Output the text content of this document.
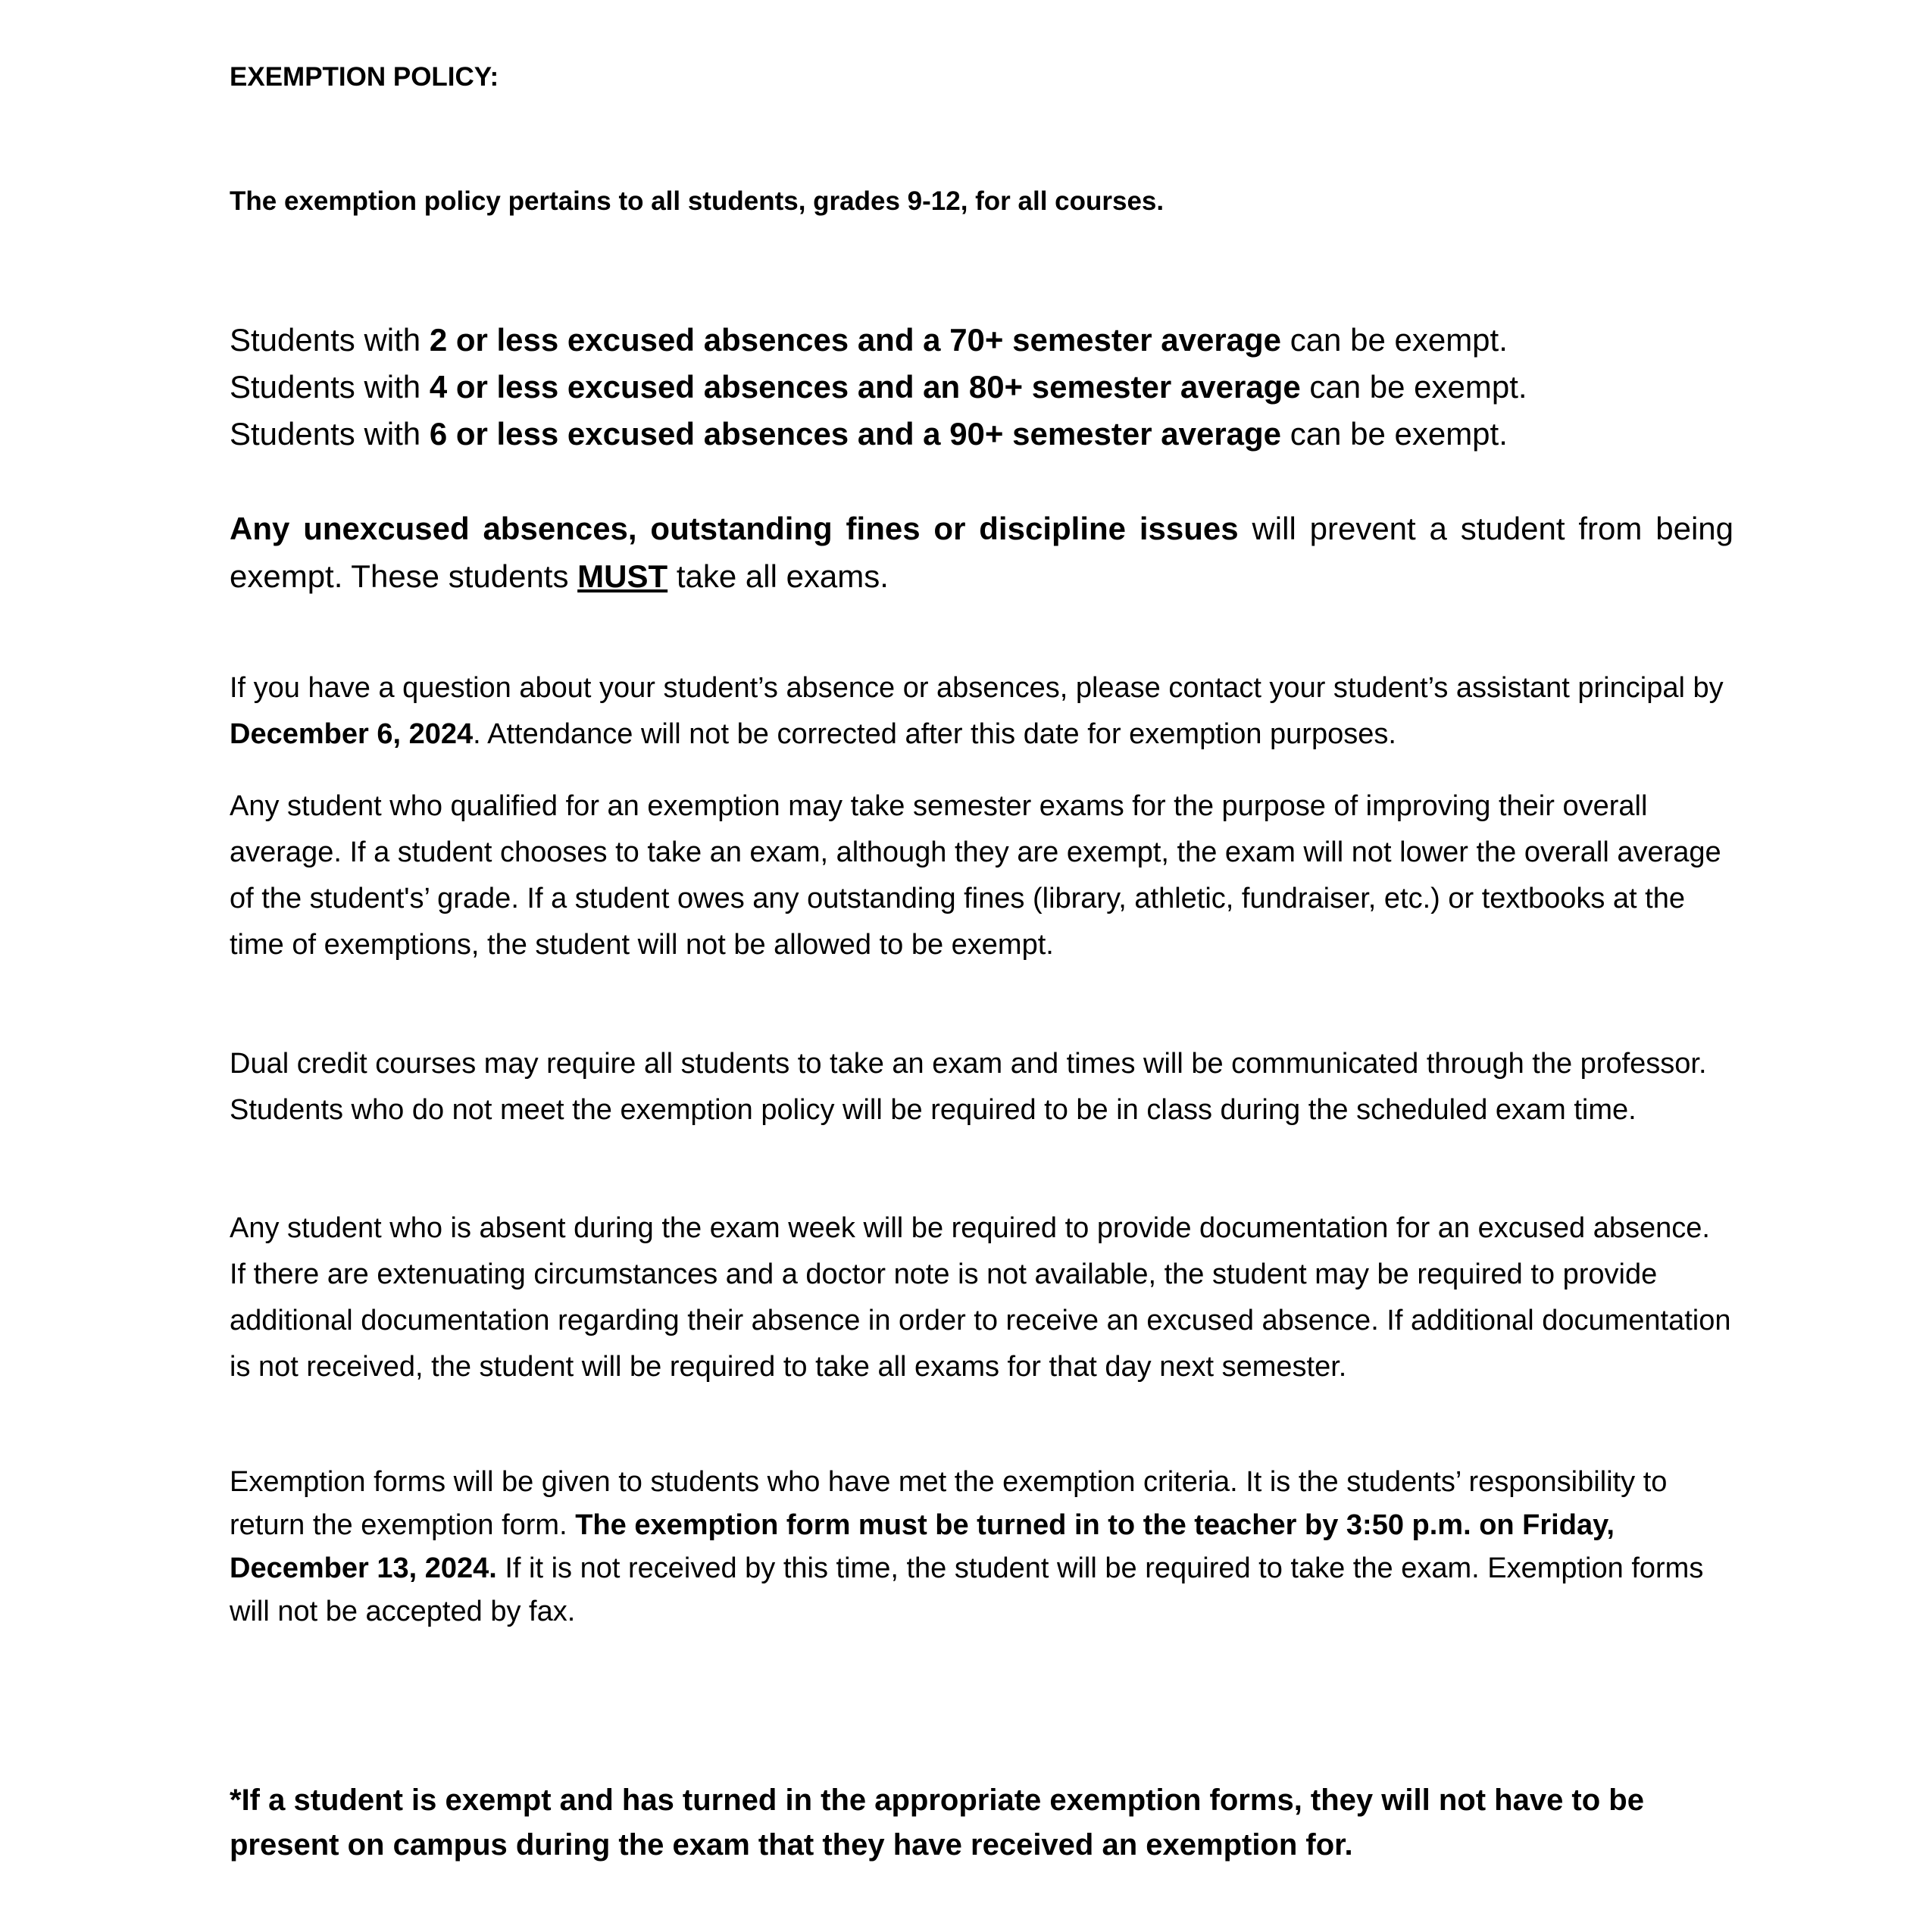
EXEMPTION POLICY:

The exemption policy pertains to all students, grades 9-12, for all courses.

Students with 2 or less excused absences and a 70+ semester average can be exempt.
Students with 4 or less excused absences and an 80+ semester average can be exempt.
Students with 6 or less excused absences and a 90+ semester average can be exempt.

Any unexcused absences, outstanding fines or discipline issues will prevent a student from being exempt. These students MUST take all exams.

If you have a question about your student’s absence or absences, please contact your student’s assistant principal by December 6, 2024. Attendance will not be corrected after this date for exemption purposes.

Any student who qualified for an exemption may take semester exams for the purpose of improving their overall average. If a student chooses to take an exam, although they are exempt, the exam will not lower the overall average of the student's’ grade. If a student owes any outstanding fines (library, athletic, fundraiser, etc.) or textbooks at the time of exemptions, the student will not be allowed to be exempt.

Dual credit courses may require all students to take an exam and times will be communicated through the professor. Students who do not meet the exemption policy will be required to be in class during the scheduled exam time.

Any student who is absent during the exam week will be required to provide documentation for an excused absence. If there are extenuating circumstances and a doctor note is not available, the student may be required to provide additional documentation regarding their absence in order to receive an excused absence. If additional documentation is not received, the student will be required to take all exams for that day next semester.

Exemption forms will be given to students who have met the exemption criteria. It is the students’ responsibility to return the exemption form. The exemption form must be turned in to the teacher by 3:50 p.m. on Friday, December 13, 2024. If it is not received by this time, the student will be required to take the exam. Exemption forms will not be accepted by fax.

*If a student is exempt and has turned in the appropriate exemption forms, they will not have to be present on campus during the exam that they have received an exemption for.
